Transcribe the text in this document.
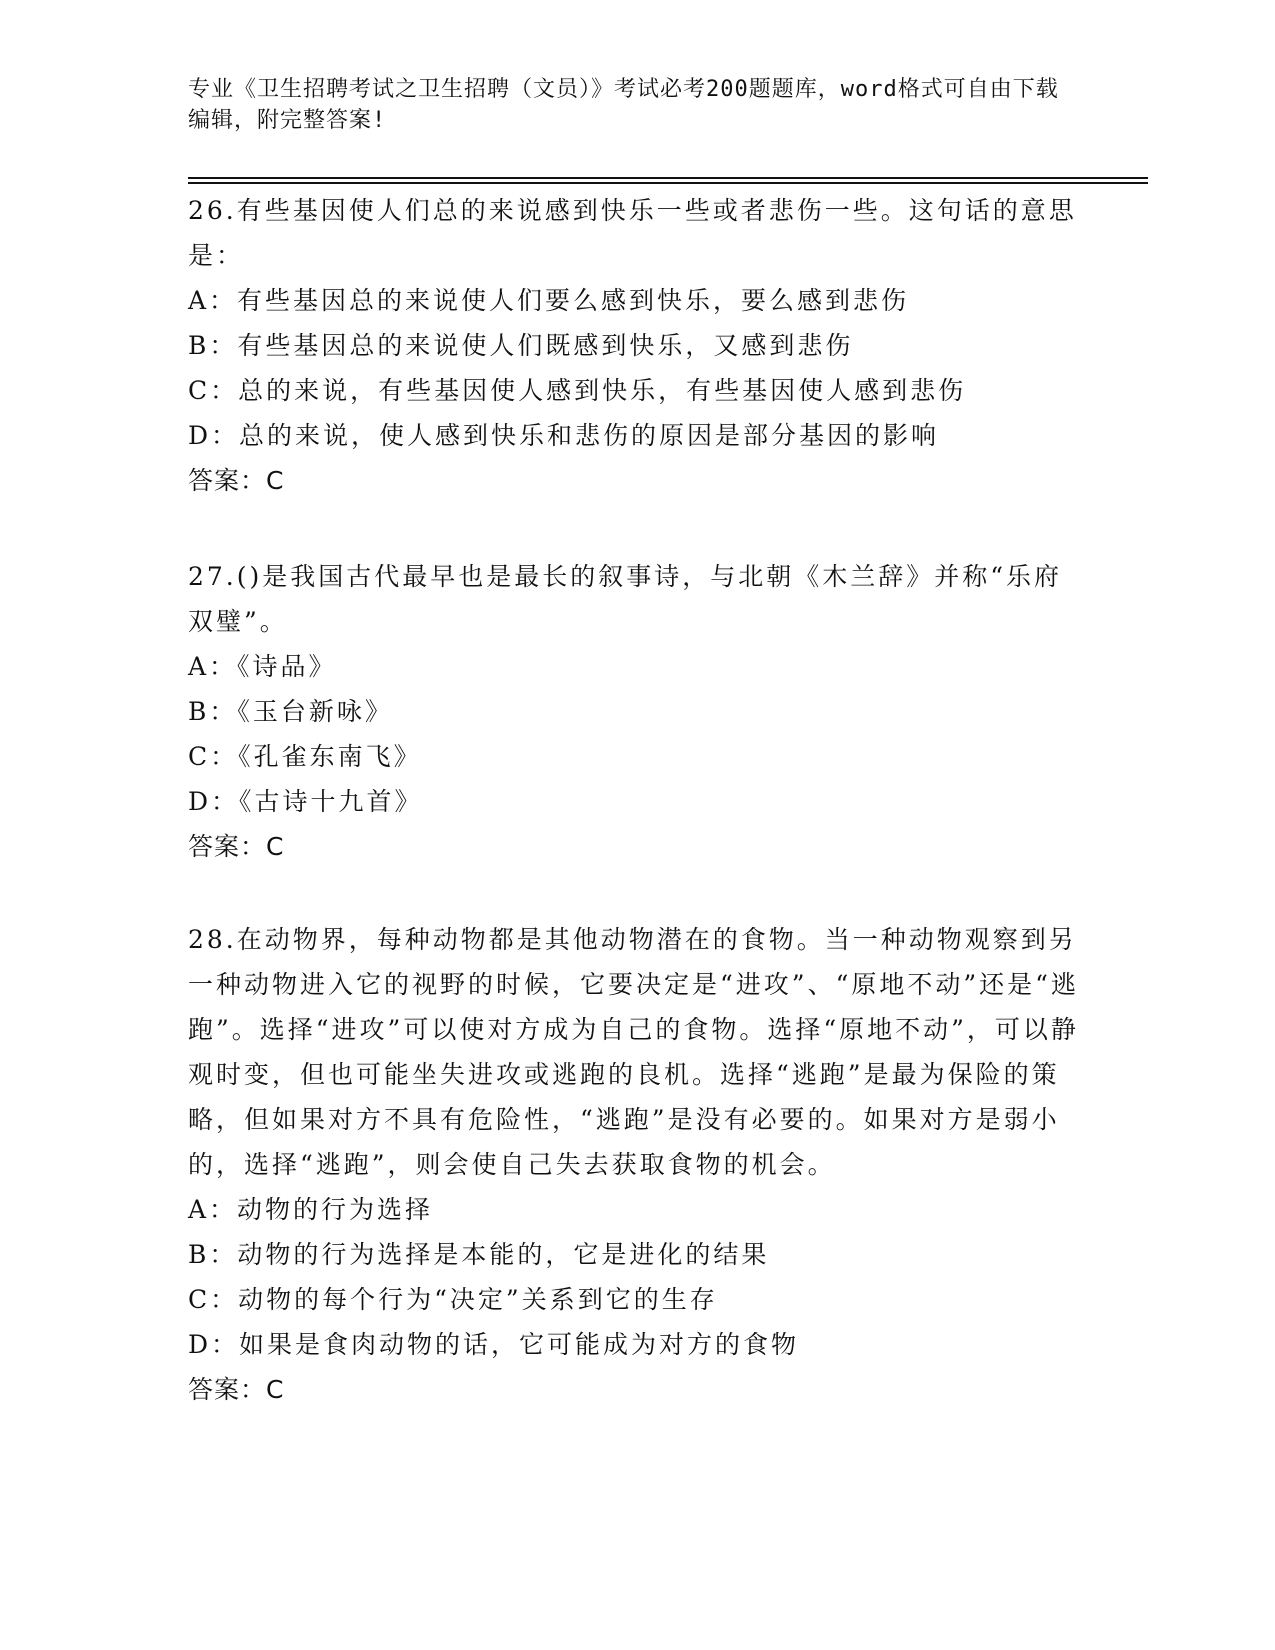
专业《卫生招聘考试之卫生招聘（文员）》考试必考200题题库，word格式可自由下载编辑，附完整答案!

26.有些基因使人们总的来说感到快乐一些或者悲伤一些。这句话的意思是：

A：有些基因总的来说使人们要么感到快乐，要么感到悲伤

B：有些基因总的来说使人们既感到快乐，又感到悲伤

C：总的来说，有些基因使人感到快乐，有些基因使人感到悲伤

D：总的来说，使人感到快乐和悲伤的原因是部分基因的影响

答案：C

27.()是我国古代最早也是最长的叙事诗，与北朝《木兰辞》并称“乐府双璧”。

A：《诗品》

B：《玉台新咏》

C：《孔雀东南飞》

D：《古诗十九首》

答案：C

28.在动物界，每种动物都是其他动物潜在的食物。当一种动物观察到另一种动物进入它的视野的时候，它要决定是“进攻”、“原地不动”还是“逃跑”。选择“进攻”可以使对方成为自己的食物。选择“原地不动”，可以静观时变，但也可能坐失进攻或逃跑的良机。选择“逃跑”是最为保险的策略，但如果对方不具有危险性，“逃跑”是没有必要的。如果对方是弱小的，选择“逃跑”，则会使自己失去获取食物的机会。

A：动物的行为选择

B：动物的行为选择是本能的，它是进化的结果

C：动物的每个行为“决定”关系到它的生存

D：如果是食肉动物的话，它可能成为对方的食物

答案：C
